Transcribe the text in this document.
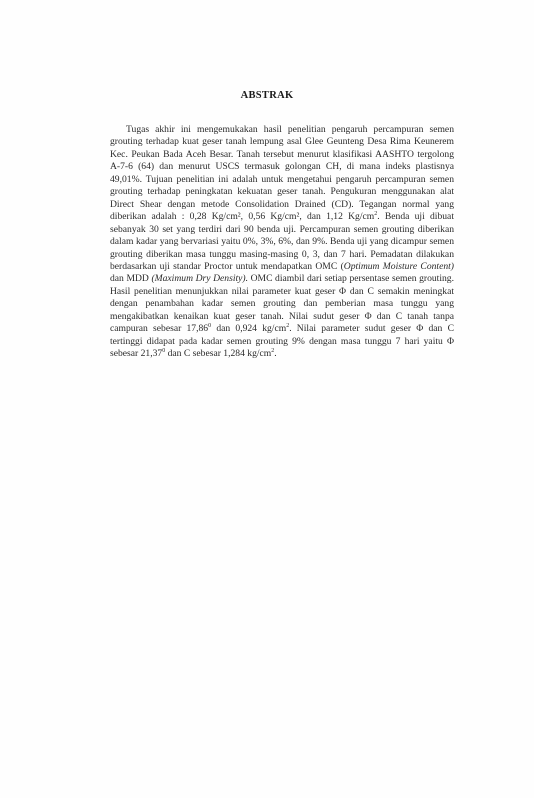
ABSTRAK

Tugas akhir ini mengemukakan hasil penelitian pengaruh percampuran semen grouting terhadap kuat geser tanah lempung asal Glee Geunteng Desa Rima Keunerem Kec. Peukan Bada Aceh Besar. Tanah tersebut menurut klasifikasi AASHTO tergolong A-7-6 (64) dan menurut USCS termasuk golongan CH, di mana indeks plastisnya 49,01%. Tujuan penelitian ini adalah untuk mengetahui pengaruh percampuran semen grouting terhadap peningkatan kekuatan geser tanah. Pengukuran menggunakan alat Direct Shear dengan metode Consolidation Drained (CD). Tegangan normal yang diberikan adalah : 0,28 Kg/cm², 0,56 Kg/cm², dan 1,12 $Kg/cm^2$. Benda uji dibuat sebanyak 30 set yang terdiri dari 90 benda uji. Percampuran semen grouting diberikan dalam kadar yang bervariasi yaitu 0%, 3%, 6%, dan 9%. Benda uji yang dicampur semen grouting diberikan masa tunggu masing-masing 0, 3, dan 7 hari. Pemadatan dilakukan berdasarkan uji standar Proctor untuk mendapatkan OMC (Optimum Moisture Content) dan MDD (Maximum Dry Density). OMC diambil dari setiap persentase semen grouting. Hasil penelitian menunjukkan nilai parameter kuat geser Φ dan C semakin meningkat dengan penambahan kadar semen grouting dan pemberian masa tunggu yang mengakibatkan kenaikan kuat geser tanah. Nilai sudut geser Φ dan C tanah tanpa campuran sebesar 17,86$^0$ dan 0,924 $kg/cm^2$. Nilai parameter sudut geser Φ dan C tertinggi didapat pada kadar semen grouting 9% dengan masa tunggu 7 hari yaitu Φ sebesar 21,37$^0$ dan C sebesar 1,284 $kg/cm^2$.
